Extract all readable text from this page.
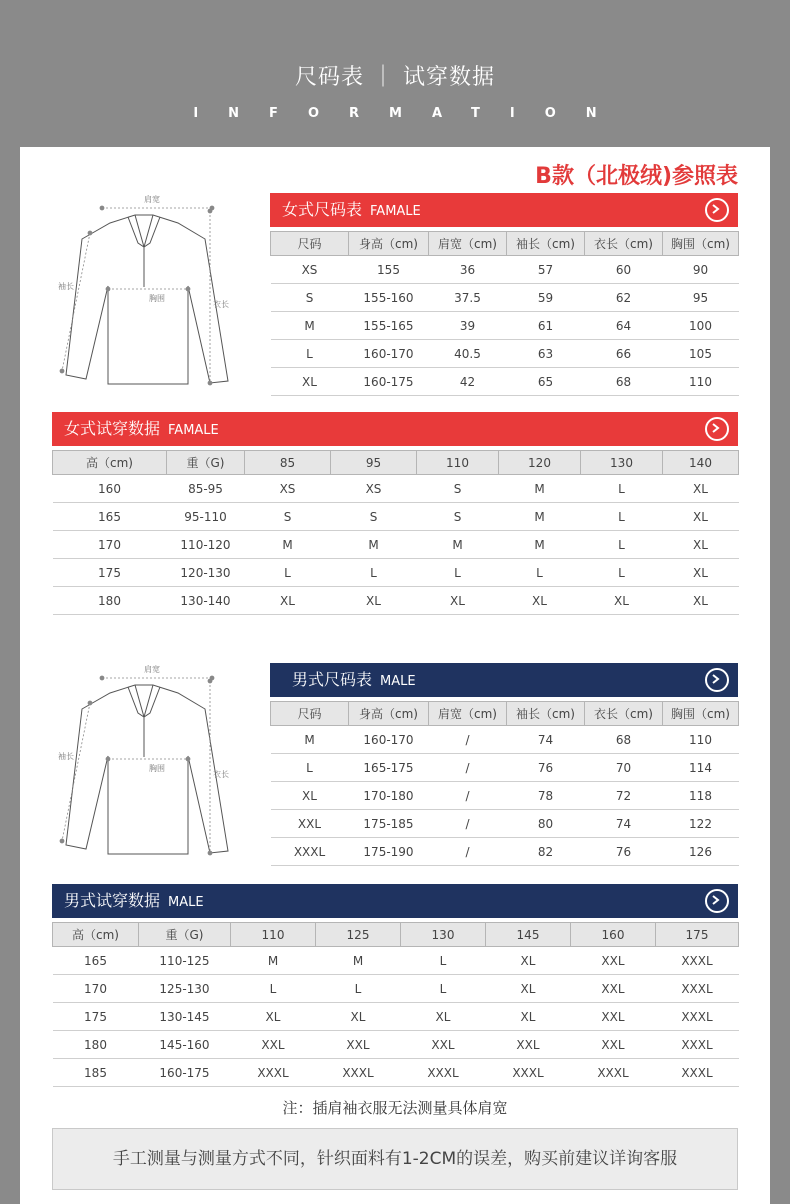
尺码表 ｜ 试穿数据
INFORMATION
B款（北极绒)参照表
肩宽
袖长
胸围
衣长
女式尺码表 FAMALE
尺码	身高（cm)	肩宽（cm)	袖长（cm)	衣长（cm)	胸围（cm)
XS	155	36	57	60	90
S	155-160	37.5	59	62	95
M	155-165	39	61	64	100
L	160-170	40.5	63	66	105
XL	160-175	42	65	68	110
女式试穿数据 FAMALE
高（cm)	重（G)	85	95	110	120	130	140
160	85-95	XS	XS	S	M	L	XL
165	95-110	S	S	S	M	L	XL
170	110-120	M	M	M	M	L	XL
175	120-130	L	L	L	L	L	XL
180	130-140	XL	XL	XL	XL	XL	XL
肩宽
袖长
胸围
衣长
男式尺码表 MALE
尺码	身高（cm)	肩宽（cm)	袖长（cm)	衣长（cm)	胸围（cm)
M	160-170	/	74	68	110
L	165-175	/	76	70	114
XL	170-180	/	78	72	118
XXL	175-185	/	80	74	122
XXXL	175-190	/	82	76	126
男式试穿数据 MALE
高（cm)	重（G)	110	125	130	145	160	175
165	110-125	M	M	L	XL	XXL	XXXL
170	125-130	L	L	L	XL	XXL	XXXL
175	130-145	XL	XL	XL	XL	XXL	XXXL
180	145-160	XXL	XXL	XXL	XXL	XXL	XXXL
185	160-175	XXXL	XXXL	XXXL	XXXL	XXXL	XXXL
注：插肩袖衣服无法测量具体肩宽
手工测量与测量方式不同，针织面料有1-2CM的误差，购买前建议详询客服
